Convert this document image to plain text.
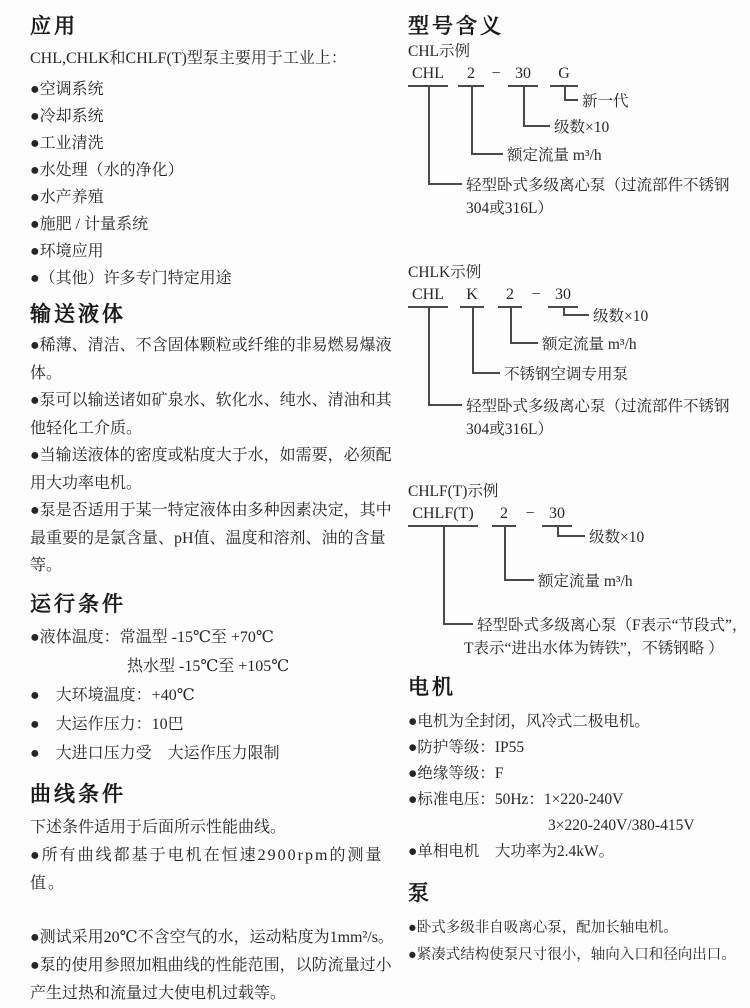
应用

CHL,CHLK和CHLF(T)型泵主要用于工业上：

●空调系统

●冷却系统

●工业清洗

●水处理（水的净化）

●水产养殖

●施肥 / 计量系统

●环境应用

●（其他）许多专门特定用途

输送液体

●稀薄、清洁、不含固体颗粒或纤维的非易燃易爆液体。

●泵可以输送诸如矿泉水、软化水、纯水、清油和其他轻化工介质。

●当输送液体的密度或粘度大于水，如需要，必须配用大功率电机。

●泵是否适用于某一特定液体由多种因素决定，其中最重要的是氯含量、pH值、温度和溶剂、油的含量等。

运行条件

●液体温度：常温型 -15℃至 +70℃

热水型 -15℃至 +105℃

●　大环境温度：+40℃

●　大运作压力：10巴

●　大进口压力受　大运作压力限制

曲线条件

下述条件适用于后面所示性能曲线。

●所有曲线都基于电机在恒速2900rpm的测量值。

●测试采用20℃不含空气的水，运动粘度为1mm²/s。

●泵的使用参照加粗曲线的性能范围，以防流量过小产生过热和流量过大使电机过载等。

型号含义

CHL示例

CHL	2	− 30	G
新一代
级数×10
额定流量 m³/h
轻型卧式多级离心泵（过流部件不锈钢
304或316L）

CHLK示例

CHL	K	2	− 30
级数×10
额定流量 m³/h
不锈钢空调专用泵
轻型卧式多级离心泵（过流部件不锈钢
304或316L）

CHLF(T)示例

CHLF(T)	2	− 30
级数×10
额定流量 m³/h
轻型卧式多级离心泵（F表示“节段式”，
T表示“进出水体为铸铁”，不锈钢略 ）
电机

●电机为全封闭，风冷式二极电机。

●防护等级：IP55

●绝缘等级：F

●标准电压：50Hz：1×220-240V

3×220-240V/380-415V

●单相电机　大功率为2.4kW。

泵

●卧式多级非自吸离心泵，配加长轴电机。

●紧凑式结构使泵尺寸很小，轴向入口和径向出口。
